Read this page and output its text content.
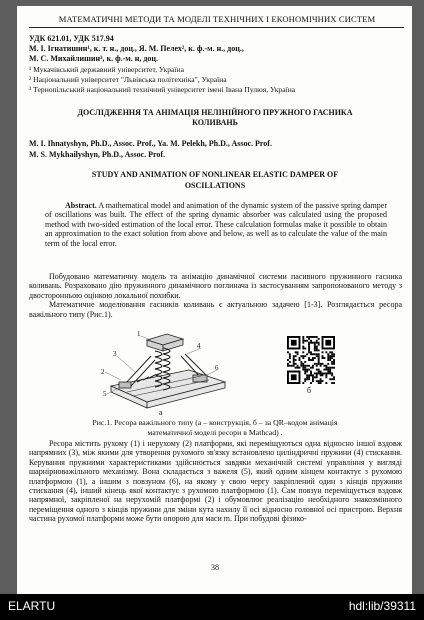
МАТЕМАТИЧНІ МЕТОДИ ТА МОДЕЛІ ТЕХНІЧНИХ І ЕКОНОМІЧНИХ СИСТЕМ
УДК 621.01, УДК 517.94
М. І. Ігнатишин¹, к. т. н., доц., Я. М. Пелех², к. ф.-м. н., доц.,
М. С. Михайлишин³, к. ф.-м. н, доц.
¹ Мукачівський державний університет, Україна
² Національний університет "Львівська політехніка", Україна
³ Тернопільський національний технічний університет імені Івана Пулюя, Україна
ДОСЛІДЖЕННЯ ТА АНІМАЦІЯ НЕЛІНІЙНОГО ПРУЖНОГО ГАСНИКА
КОЛИВАНЬ
M. I. Ihnatyshyn, Ph.D., Assoc. Prof., Ya. M. Pelekh, Ph.D., Assoc. Prof.
M. S. Mykhailyshyn, Ph.D., Assoc. Prof.
STUDY AND ANIMATION OF NONLINEAR ELASTIC DAMPER OF
OSCILLATIONS

Abstract. A mathematical model and animation of the dynamic system of the passive spring damper of oscillations was built. The effect of the spring dynamic absorber was calculated using the proposed method with two-sided estimation of the local error. These calculation formulas make it possible to obtain an approximation to the exact solution from above and below, as well as to calculate the value of the main term of the local error.

Побудовано математичну модель та анімацію динамічної системи пасивного пружинного гасника коливань. Розраховано дію пружинного динамічного поглинача із застосуванням запропонованого методу з двосторонньою оцінкою локальної похибки.

Математичне моделювання гасників коливань є актуальною задачею [1-3]. Розглядається ресора важільного типу (Рис.1).

1
2
3
4
5
6
а
б
Рис.1. Ресора важільного типу (а – конструкція, б – за QR–кодом анімація
математичної моделі ресори в Mathcad) .

Ресора містить рухому (1) і нерухому (2) платформи, які переміщуються одна відносно іншої вздовж напрямних (3), між якими для утворення рухомого зв'язку встановлено циліндричні пружини (4) стискання. Керування пружними характеристиками здійснюється завдяки механічній системі управління у вигляді шарнірноважільного механізму. Вона складається з важеля (5), який одним кінцем контактує з рухомою платформою (1), а іншим з повзуном (6), на якому у свою чергу закріплений один з кінців пружини стискання (4), інший кінець якої контактує з рухомою платформою (1). Сам повзун переміщується вздовж напрямної, закріпленої на нерухомій платформі (2) і обумовлює реалізацію необхідного знакозмінного переміщення одного з кінців пружини для зміни кута нахилу її осі відносно головної осі пристрою. Верхня частина рухомої платформи може бути опорою для маси m. При побудові фізико-

38
ELARTU	hdl:lib/39311
